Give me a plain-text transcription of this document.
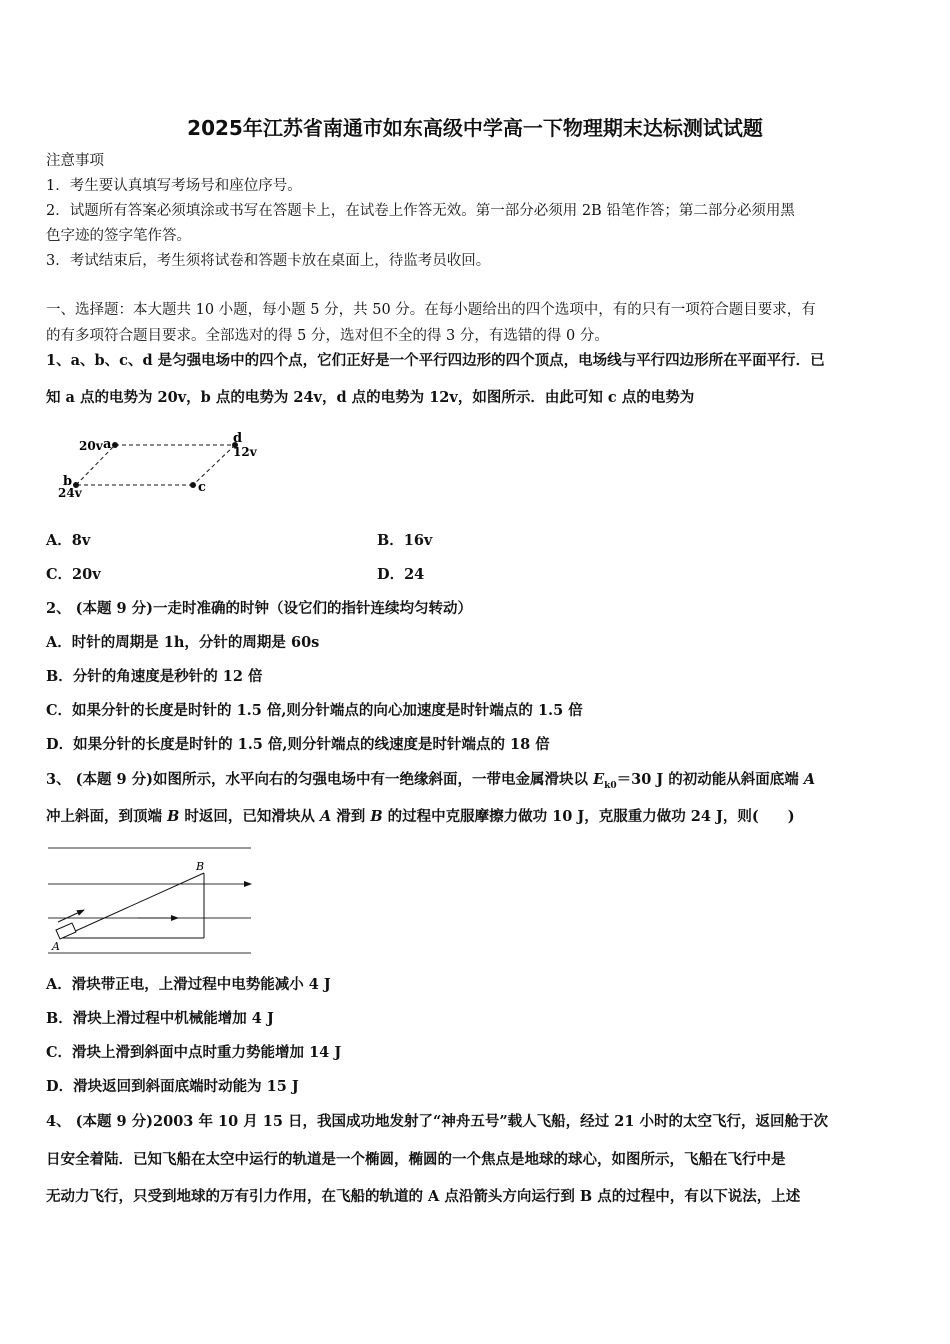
2025年江苏省南通市如东高级中学高一下物理期末达标测试试题
注意事项
1．考生要认真填写考场号和座位序号。
2．试题所有答案必须填涂或书写在答题卡上，在试卷上作答无效。第一部分必须用 2B 铅笔作答；第二部分必须用黑
色字迹的签字笔作答。
3．考试结束后，考生须将试卷和答题卡放在桌面上，待监考员收回。
一、选择题：本大题共 10 小题，每小题 5 分，共 50 分。在每小题给出的四个选项中，有的只有一项符合题目要求，有
的有多项符合题目要求。全部选对的得 5 分，选对但不全的得 3 分，有选错的得 0 分。
1、a、b、c、d 是匀强电场中的四个点，它们正好是一个平行四边形的四个顶点，电场线与平行四边形所在平面平行．已
知 a 点的电势为 20v，b 点的电势为 24v，d 点的电势为 12v，如图所示．由此可知 c 点的电势为
20v a	d
12v
c
b
24v
A．8v	B．16v
C．20v	D．24
2、 (本题 9 分)一走时准确的时钟（设它们的指针连续均匀转动）
A．时针的周期是 1h，分针的周期是 60s
B．分针的角速度是秒针的 12 倍
C．如果分针的长度是时针的 1.5 倍,则分针端点的向心加速度是时针端点的 1.5 倍
D．如果分针的长度是时针的 1.5 倍,则分针端点的线速度是时针端点的 18 倍
3、 (本题 9 分)如图所示，水平向右的匀强电场中有一绝缘斜面，一带电金属滑块以 $E_{k0}=30$ J 的初动能从斜面底端 A
冲上斜面，到顶端 B 时返回，已知滑块从 A 滑到 B 的过程中克服摩擦力做功 10 J，克服重力做功 24 J，则(　　)
A
B
A．滑块带正电，上滑过程中电势能减小 4 J
B．滑块上滑过程中机械能增加 4 J
C．滑块上滑到斜面中点时重力势能增加 14 J
D．滑块返回到斜面底端时动能为 15 J
4、 (本题 9 分)2003 年 10 月 15 日，我国成功地发射了“神舟五号”载人飞船，经过 21 小时的太空飞行，返回舱于次
日安全着陆．已知飞船在太空中运行的轨道是一个椭圆，椭圆的一个焦点是地球的球心，如图所示，飞船在飞行中是
无动力飞行，只受到地球的万有引力作用，在飞船的轨道的 A 点沿箭头方向运行到 B 点的过程中，有以下说法，上述
